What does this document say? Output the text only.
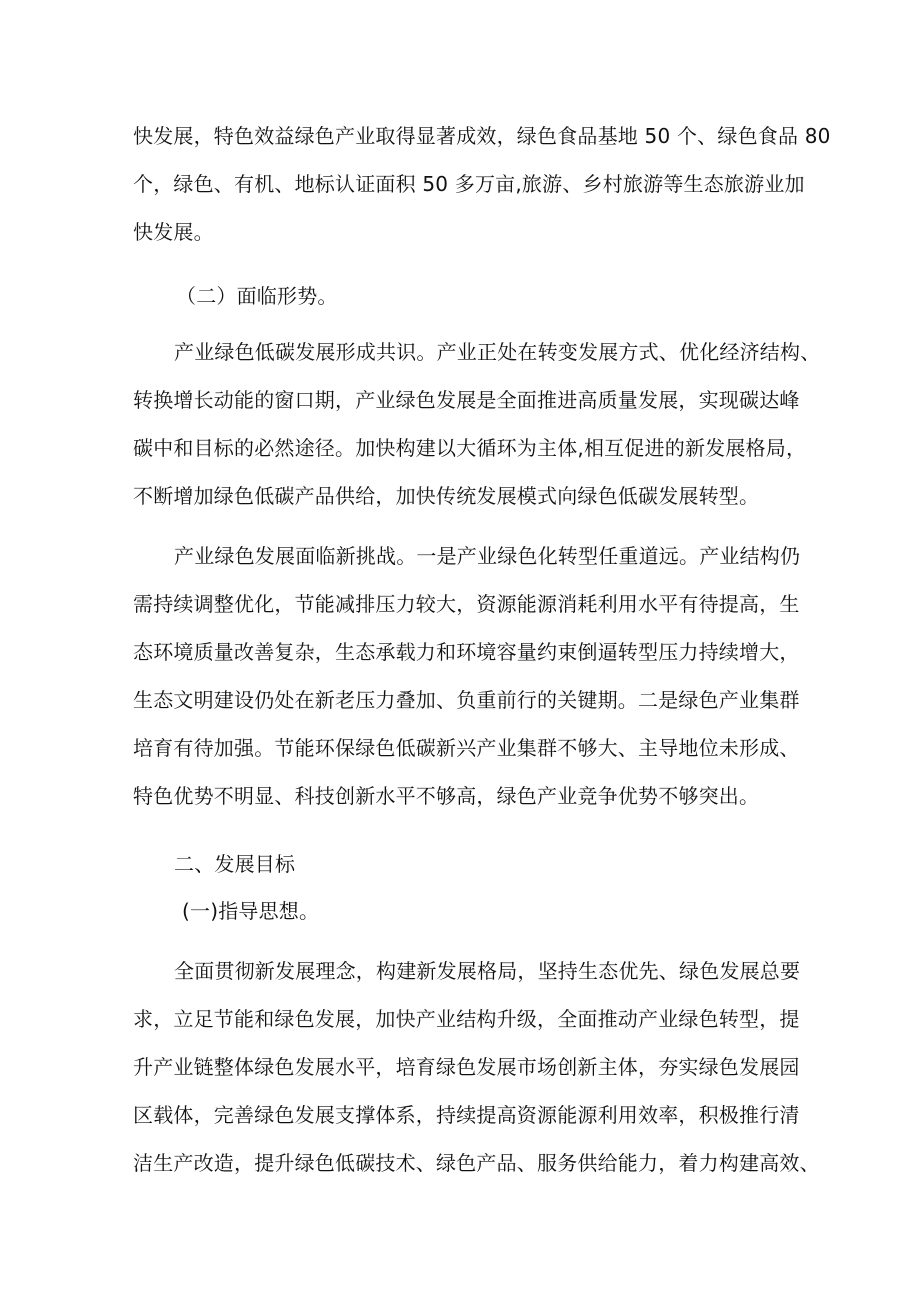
快发展，特色效益绿色产业取得显著成效，绿色食品基地 50 个、绿色食品 80
个，绿色、有机、地标认证面积 50 多万亩,旅游、乡村旅游等生态旅游业加
快发展。
（二）面临形势。
产业绿色低碳发展形成共识。产业正处在转变发展方式、优化经济结构、
转换增长动能的窗口期，产业绿色发展是全面推进高质量发展，实现碳达峰
碳中和目标的必然途径。加快构建以大循环为主体,相互促进的新发展格局，
不断增加绿色低碳产品供给，加快传统发展模式向绿色低碳发展转型。
产业绿色发展面临新挑战。一是产业绿色化转型任重道远。产业结构仍
需持续调整优化，节能减排压力较大，资源能源消耗利用水平有待提高，生
态环境质量改善复杂，生态承载力和环境容量约束倒逼转型压力持续增大，
生态文明建设仍处在新老压力叠加、负重前行的关键期。二是绿色产业集群
培育有待加强。节能环保绿色低碳新兴产业集群不够大、主导地位未形成、
特色优势不明显、科技创新水平不够高，绿色产业竞争优势不够突出。
二、发展目标
(一)指导思想。
全面贯彻新发展理念，构建新发展格局，坚持生态优先、绿色发展总要
求，立足节能和绿色发展，加快产业结构升级，全面推动产业绿色转型，提
升产业链整体绿色发展水平，培育绿色发展市场创新主体，夯实绿色发展园
区载体，完善绿色发展支撑体系，持续提高资源能源利用效率，积极推行清
洁生产改造，提升绿色低碳技术、绿色产品、服务供给能力，着力构建高效、
